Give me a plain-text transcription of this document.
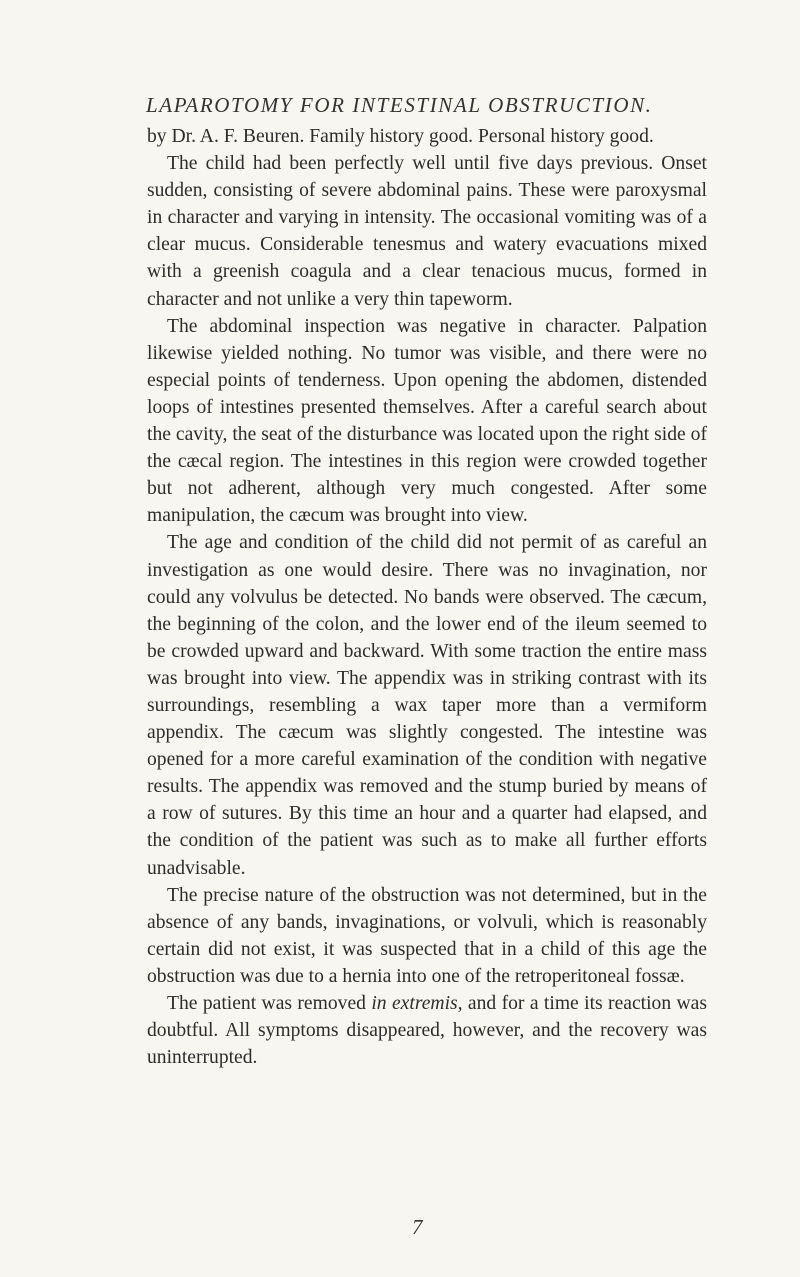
LAPAROTOMY FOR INTESTINAL OBSTRUCTION.

by Dr. A. F. Beuren. Family history good. Personal history good.

The child had been perfectly well until five days previous. Onset sudden, consisting of severe abdominal pains. These were paroxysmal in character and varying in intensity. The occasional vomiting was of a clear mucus. Considerable tenesmus and watery evacuations mixed with a greenish coagula and a clear tenacious mucus, formed in character and not unlike a very thin tapeworm.

The abdominal inspection was negative in character. Palpation likewise yielded nothing. No tumor was visible, and there were no especial points of tenderness. Upon opening the abdomen, distended loops of intestines presented themselves. After a careful search about the cavity, the seat of the disturbance was located upon the right side of the cæcal region. The intestines in this region were crowded together but not adherent, although very much congested. After some manipulation, the cæcum was brought into view.

The age and condition of the child did not permit of as careful an investigation as one would desire. There was no invagination, nor could any volvulus be detected. No bands were observed. The cæcum, the beginning of the colon, and the lower end of the ileum seemed to be crowded upward and backward. With some traction the entire mass was brought into view. The appendix was in striking contrast with its surroundings, resembling a wax taper more than a vermiform appendix. The cæcum was slightly congested. The intestine was opened for a more careful examination of the condition with negative results. The appendix was removed and the stump buried by means of a row of sutures. By this time an hour and a quarter had elapsed, and the condition of the patient was such as to make all further efforts unadvisable.

The precise nature of the obstruction was not determined, but in the absence of any bands, invaginations, or volvuli, which is reasonably certain did not exist, it was suspected that in a child of this age the obstruction was due to a hernia into one of the retroperitoneal fossæ.

The patient was removed in extremis, and for a time its reaction was doubtful. All symptoms disappeared, however, and the recovery was uninterrupted.

7
